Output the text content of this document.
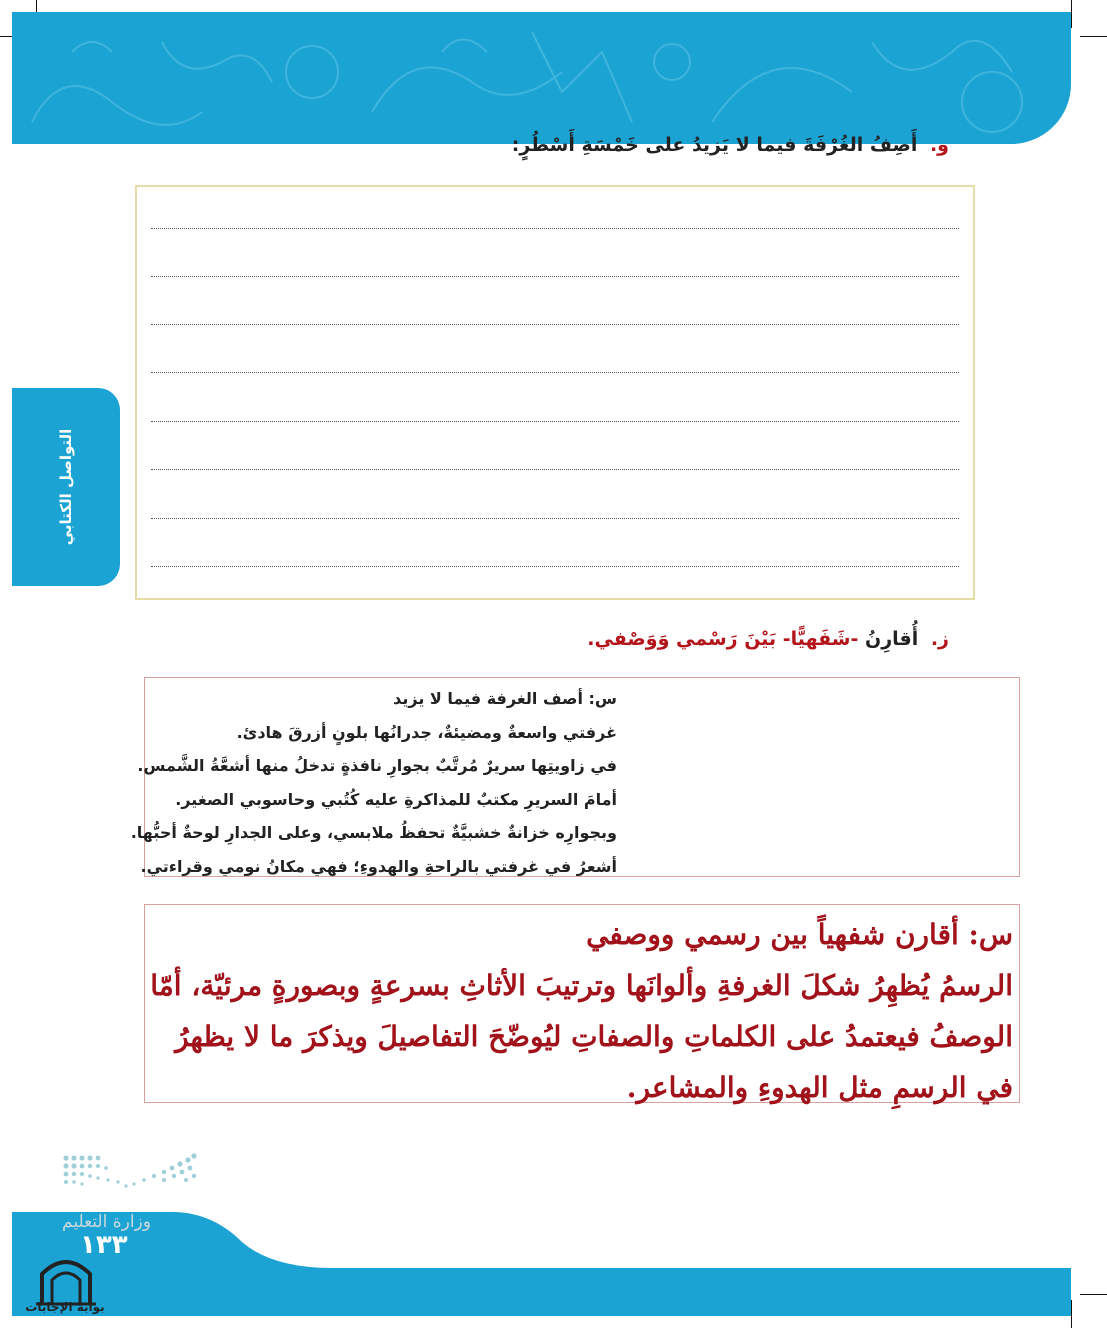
و. أَصِفُ الغُرْفَةَ فيما لا يَزيدُ على خَمْسَةِ أَسْطُرٍ:
التواصل الكتابي
ز. أُقارِنُ -شَفَهيًّا- بَيْنَ رَسْمي وَوَصْفي.
س: أصف الغرفة فيما لا يزيد
غرفتي واسعةٌ ومضيئةٌ، جدرانُها بلونٍ أزرقَ هادئ.
في زاويتِها سريرٌ مُرتَّبٌ بجوارِ نافذةٍ تدخلُ منها أشعَّةُ الشَّمس.
أمامَ السريرِ مكتبٌ للمذاكرةِ عليه كُتُبي وحاسوبي الصغير.
وبجوارِه خزانةٌ خشبيَّةٌ تحفظُ ملابسي، وعلى الجدارِ لوحةٌ أحبُّها.
أشعرُ في غرفتي بالراحةِ والهدوءِ؛ فهي مكانُ نومي وقراءتي.
س: أقارن شفهياً بين رسمي ووصفي
الرسمُ يُظهِرُ شكلَ الغرفةِ وألوانَها وترتيبَ الأثاثِ بسرعةٍ وبصورةٍ مرئيّة، أمّا الوصفُ فيعتمدُ على الكلماتِ والصفاتِ ليُوضّحَ التفاصيلَ ويذكرَ ما لا يظهرُ في الرسمِ مثل الهدوءِ والمشاعر.
وزارة التعليم
١٣٣
بوابة الإجابات
